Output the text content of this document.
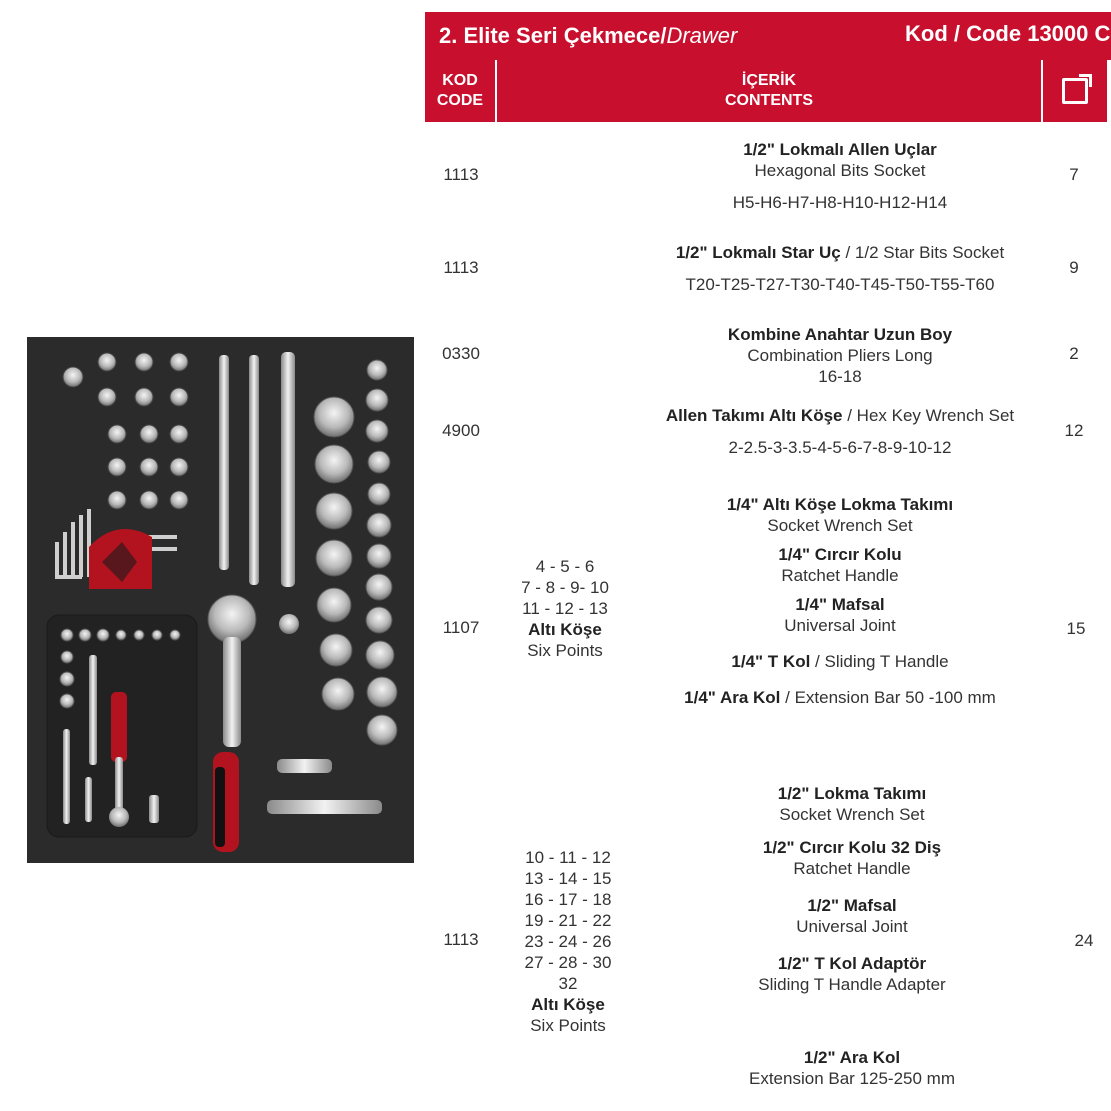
2. Elite Seri Çekmece/Drawer	Kod / Code 13000 C
KOD
CODE
İÇERİK
CONTENTS
1113
1/2" Lokmalı Allen Uçlar
Hexagonal Bits Socket
H5-H6-H7-H8-H10-H12-H14
7
1113
1/2" Lokmalı Star Uç / 1/2 Star Bits Socket
T20-T25-T27-T30-T40-T45-T50-T55-T60
9
0330
Kombine Anahtar Uzun Boy
Combination Pliers Long
16-18
2
4900
Allen Takımı Altı Köşe / Hex Key Wrench Set
2-2.5-3-3.5-4-5-6-7-8-9-10-12
12
1107
4 - 5 - 6
7 - 8 - 9- 10
11 - 12 - 13
Altı Köşe
Six Points
1/4" Altı Köşe Lokma Takımı
Socket Wrench Set
1/4" Cırcır Kolu
Ratchet Handle
1/4" Mafsal
Universal Joint
1/4" T Kol / Sliding T Handle
1/4" Ara Kol / Extension Bar 50 -100 mm
15
1113
10 - 11 - 12
13 - 14 - 15
16 - 17 - 18
19 - 21 - 22
23 - 24 - 26
27 - 28 - 30
32
Altı Köşe
Six Points
1/2" Lokma Takımı
Socket Wrench Set
1/2" Cırcır Kolu 32 Diş
Ratchet Handle
1/2" Mafsal
Universal Joint
1/2" T Kol Adaptör
Sliding T Handle Adapter
1/2" Ara Kol
Extension Bar 125-250 mm
24
